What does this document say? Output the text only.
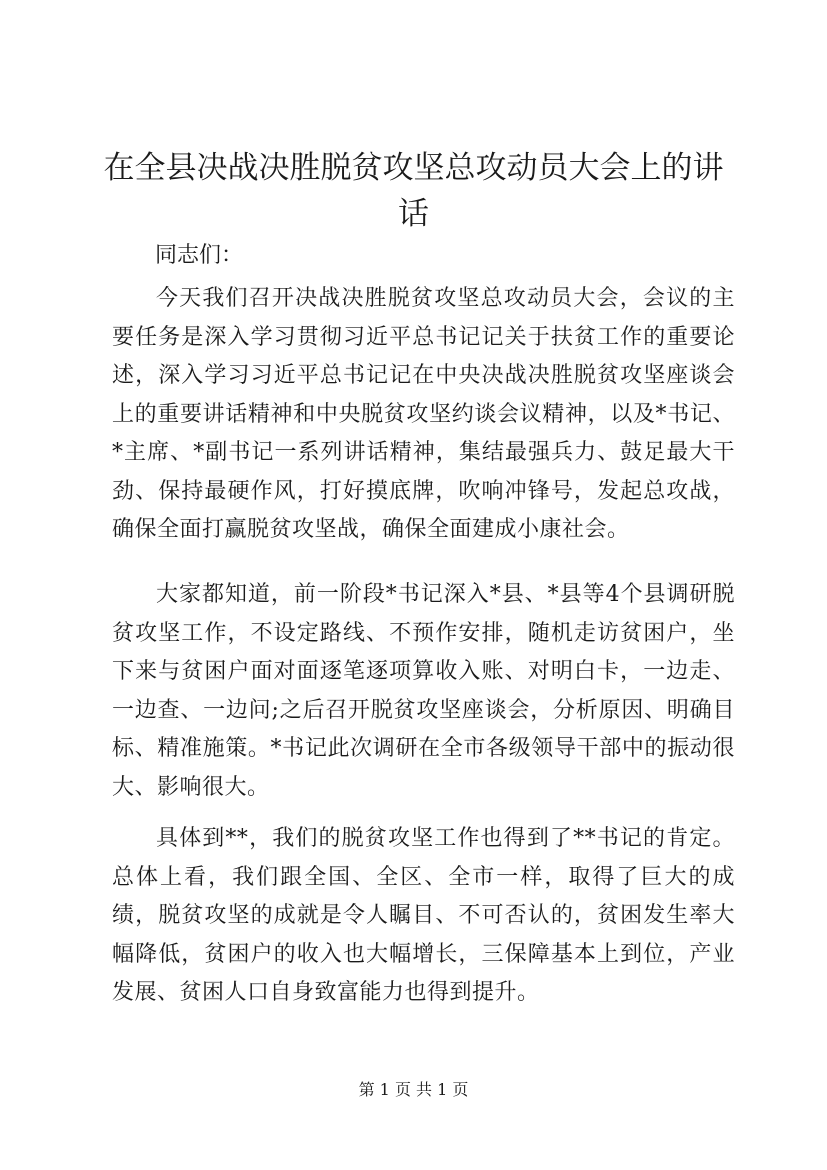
在全县决战决胜脱贫攻坚总攻动员大会上的讲话

同志们：

今天我们召开决战决胜脱贫攻坚总攻动员大会，会议的主要任务是深入学习贯彻习近平总书记记关于扶贫工作的重要论述，深入学习习近平总书记记在中央决战决胜脱贫攻坚座谈会上的重要讲话精神和中央脱贫攻坚约谈会议精神，以及*书记、*主席、*副书记一系列讲话精神，集结最强兵力、鼓足最大干劲、保持最硬作风，打好摸底牌，吹响冲锋号，发起总攻战，确保全面打赢脱贫攻坚战，确保全面建成小康社会。

大家都知道，前一阶段*书记深入*县、*县等4个县调研脱贫攻坚工作，不设定路线、不预作安排，随机走访贫困户，坐下来与贫困户面对面逐笔逐项算收入账、对明白卡，一边走、一边查、一边问;之后召开脱贫攻坚座谈会，分析原因、明确目标、精准施策。*书记此次调研在全市各级领导干部中的振动很大、影响很大。

具体到**，我们的脱贫攻坚工作也得到了**书记的肯定。总体上看，我们跟全国、全区、全市一样，取得了巨大的成绩，脱贫攻坚的成就是令人瞩目、不可否认的，贫困发生率大幅降低，贫困户的收入也大幅增长，三保障基本上到位，产业发展、贫困人口自身致富能力也得到提升。

第 1 页 共 1 页
